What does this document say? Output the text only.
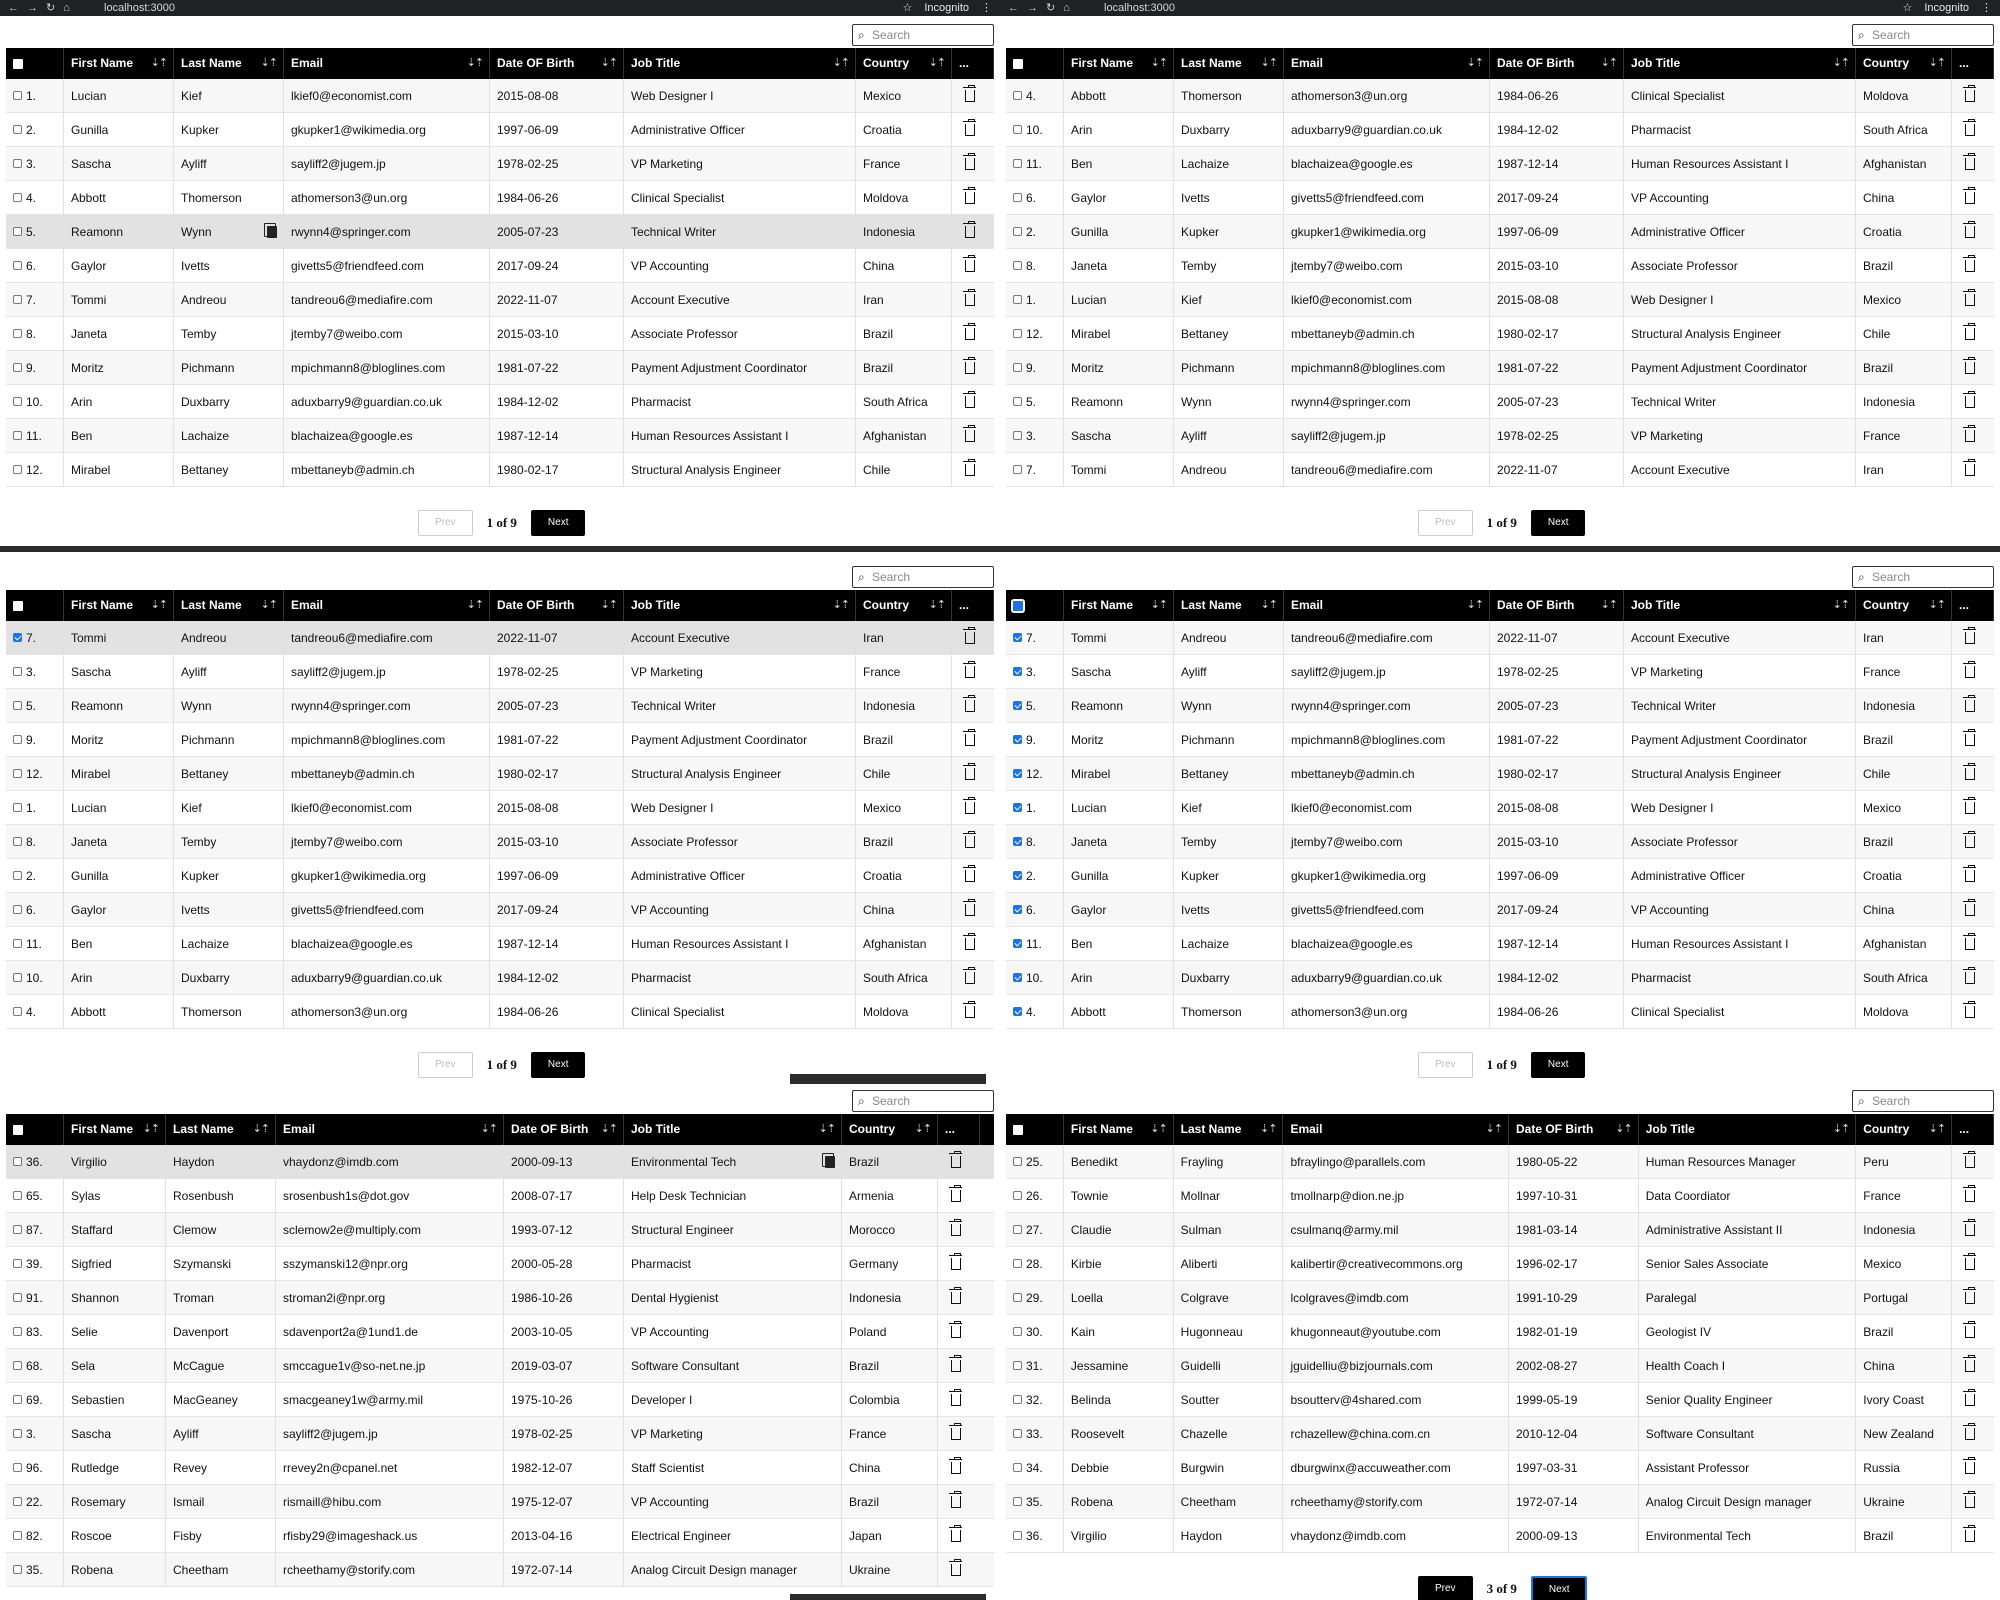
←→↻⌂ localhost:3000	☆ Incognito ⋮
⌕ Search
First Name ⇣⇡	Last Name ⇣⇡	Email	⇣⇡	Date OF Birth ⇣⇡	Job Title	⇣⇡	Country ⇣⇡	...
1.	Lucian	Kief	lkief0@economist.com	2015-08-08	Web Designer I	Mexico
2.	Gunilla	Kupker	gkupker1@wikimedia.org	1997-06-09	Administrative Officer	Croatia
3.	Sascha	Ayliff	sayliff2@jugem.jp	1978-02-25	VP Marketing	France
4.	Abbott	Thomerson	athomerson3@un.org	1984-06-26	Clinical Specialist	Moldova
5.	Reamonn	Wynn	rwynn4@springer.com	2005-07-23	Technical Writer	Indonesia
6.	Gaylor	Ivetts	givetts5@friendfeed.com	2017-09-24	VP Accounting	China
7.	Tommi	Andreou	tandreou6@mediafire.com	2022-11-07	Account Executive	Iran
8.	Janeta	Temby	jtemby7@weibo.com	2015-03-10	Associate Professor	Brazil
9.	Moritz	Pichmann	mpichmann8@bloglines.com	1981-07-22	Payment Adjustment Coordinator	Brazil
10.	Arin	Duxbarry	aduxbarry9@guardian.co.uk	1984-12-02	Pharmacist	South Africa
11.	Ben	Lachaize	blachaizea@google.es	1987-12-14	Human Resources Assistant I	Afghanistan
12.	Mirabel	Bettaney	mbettaneyb@admin.ch	1980-02-17	Structural Analysis Engineer	Chile
Prev	1 of 9	Next
←→↻⌂ localhost:3000	☆ Incognito ⋮
⌕ Search
First Name ⇣⇡	Last Name ⇣⇡	Email	⇣⇡	Date OF Birth ⇣⇡	Job Title	⇣⇡	Country ⇣⇡	...
4.	Abbott	Thomerson	athomerson3@un.org	1984-06-26	Clinical Specialist	Moldova
10.	Arin	Duxbarry	aduxbarry9@guardian.co.uk	1984-12-02	Pharmacist	South Africa
11.	Ben	Lachaize	blachaizea@google.es	1987-12-14	Human Resources Assistant I	Afghanistan
6.	Gaylor	Ivetts	givetts5@friendfeed.com	2017-09-24	VP Accounting	China
2.	Gunilla	Kupker	gkupker1@wikimedia.org	1997-06-09	Administrative Officer	Croatia
8.	Janeta	Temby	jtemby7@weibo.com	2015-03-10	Associate Professor	Brazil
1.	Lucian	Kief	lkief0@economist.com	2015-08-08	Web Designer I	Mexico
12.	Mirabel	Bettaney	mbettaneyb@admin.ch	1980-02-17	Structural Analysis Engineer	Chile
9.	Moritz	Pichmann	mpichmann8@bloglines.com	1981-07-22	Payment Adjustment Coordinator	Brazil
5.	Reamonn	Wynn	rwynn4@springer.com	2005-07-23	Technical Writer	Indonesia
3.	Sascha	Ayliff	sayliff2@jugem.jp	1978-02-25	VP Marketing	France
7.	Tommi	Andreou	tandreou6@mediafire.com	2022-11-07	Account Executive	Iran
Prev	1 of 9	Next
⌕ Search
First Name ⇣⇡	Last Name ⇣⇡	Email	⇣⇡	Date OF Birth ⇣⇡	Job Title	⇣⇡	Country ⇣⇡	...
7.	Tommi	Andreou	tandreou6@mediafire.com	2022-11-07	Account Executive	Iran
3.	Sascha	Ayliff	sayliff2@jugem.jp	1978-02-25	VP Marketing	France
5.	Reamonn	Wynn	rwynn4@springer.com	2005-07-23	Technical Writer	Indonesia
9.	Moritz	Pichmann	mpichmann8@bloglines.com	1981-07-22	Payment Adjustment Coordinator	Brazil
12.	Mirabel	Bettaney	mbettaneyb@admin.ch	1980-02-17	Structural Analysis Engineer	Chile
1.	Lucian	Kief	lkief0@economist.com	2015-08-08	Web Designer I	Mexico
8.	Janeta	Temby	jtemby7@weibo.com	2015-03-10	Associate Professor	Brazil
2.	Gunilla	Kupker	gkupker1@wikimedia.org	1997-06-09	Administrative Officer	Croatia
6.	Gaylor	Ivetts	givetts5@friendfeed.com	2017-09-24	VP Accounting	China
11.	Ben	Lachaize	blachaizea@google.es	1987-12-14	Human Resources Assistant I	Afghanistan
10.	Arin	Duxbarry	aduxbarry9@guardian.co.uk	1984-12-02	Pharmacist	South Africa
4.	Abbott	Thomerson	athomerson3@un.org	1984-06-26	Clinical Specialist	Moldova
Prev	1 of 9	Next
⌕ Search
First Name ⇣⇡	Last Name ⇣⇡	Email	⇣⇡	Date OF Birth ⇣⇡	Job Title	⇣⇡	Country ⇣⇡	...
7.	Tommi	Andreou	tandreou6@mediafire.com	2022-11-07	Account Executive	Iran
3.	Sascha	Ayliff	sayliff2@jugem.jp	1978-02-25	VP Marketing	France
5.	Reamonn	Wynn	rwynn4@springer.com	2005-07-23	Technical Writer	Indonesia
9.	Moritz	Pichmann	mpichmann8@bloglines.com	1981-07-22	Payment Adjustment Coordinator	Brazil
12.	Mirabel	Bettaney	mbettaneyb@admin.ch	1980-02-17	Structural Analysis Engineer	Chile
1.	Lucian	Kief	lkief0@economist.com	2015-08-08	Web Designer I	Mexico
8.	Janeta	Temby	jtemby7@weibo.com	2015-03-10	Associate Professor	Brazil
2.	Gunilla	Kupker	gkupker1@wikimedia.org	1997-06-09	Administrative Officer	Croatia
6.	Gaylor	Ivetts	givetts5@friendfeed.com	2017-09-24	VP Accounting	China
11.	Ben	Lachaize	blachaizea@google.es	1987-12-14	Human Resources Assistant I	Afghanistan
10.	Arin	Duxbarry	aduxbarry9@guardian.co.uk	1984-12-02	Pharmacist	South Africa
4.	Abbott	Thomerson	athomerson3@un.org	1984-06-26	Clinical Specialist	Moldova
Prev	1 of 9	Next
⌕ Search
First Name ⇣⇡	Last Name ⇣⇡	Email	⇣⇡	Date OF Birth ⇣⇡	Job Title	⇣⇡	Country ⇣⇡	...
36.	Virgilio	Haydon	vhaydonz@imdb.com	2000-09-13	Environmental Tech	Brazil
65.	Sylas	Rosenbush	srosenbush1s@dot.gov	2008-07-17	Help Desk Technician	Armenia
87.	Staffard	Clemow	sclemow2e@multiply.com	1993-07-12	Structural Engineer	Morocco
39.	Sigfried	Szymanski	sszymanski12@npr.org	2000-05-28	Pharmacist	Germany
91.	Shannon	Troman	stroman2i@npr.org	1986-10-26	Dental Hygienist	Indonesia
83.	Selie	Davenport	sdavenport2a@1und1.de	2003-10-05	VP Accounting	Poland
68.	Sela	McCague	smccague1v@so-net.ne.jp	2019-03-07	Software Consultant	Brazil
69.	Sebastien	MacGeaney	smacgeaney1w@army.mil	1975-10-26	Developer I	Colombia
3.	Sascha	Ayliff	sayliff2@jugem.jp	1978-02-25	VP Marketing	France
96.	Rutledge	Revey	rrevey2n@cpanel.net	1982-12-07	Staff Scientist	China
22.	Rosemary	Ismail	rismaill@hibu.com	1975-12-07	VP Accounting	Brazil
82.	Roscoe	Fisby	rfisby29@imageshack.us	2013-04-16	Electrical Engineer	Japan
35.	Robena	Cheetham	rcheethamy@storify.com	1972-07-14	Analog Circuit Design manager	Ukraine
⌕ Search
First Name ⇣⇡	Last Name ⇣⇡	Email	⇣⇡	Date OF Birth ⇣⇡	Job Title	⇣⇡	Country ⇣⇡	...
25.	Benedikt	Frayling	bfraylingo@parallels.com	1980-05-22	Human Resources Manager	Peru
26.	Townie	Mollnar	tmollnarp@dion.ne.jp	1997-10-31	Data Coordiator	France
27.	Claudie	Sulman	csulmanq@army.mil	1981-03-14	Administrative Assistant II	Indonesia
28.	Kirbie	Aliberti	kalibertir@creativecommons.org	1996-02-17	Senior Sales Associate	Mexico
29.	Loella	Colgrave	lcolgraves@imdb.com	1991-10-29	Paralegal	Portugal
30.	Kain	Hugonneau	khugonneaut@youtube.com	1982-01-19	Geologist IV	Brazil
31.	Jessamine	Guidelli	jguidelliu@bizjournals.com	2002-08-27	Health Coach I	China
32.	Belinda	Soutter	bsoutterv@4shared.com	1999-05-19	Senior Quality Engineer	Ivory Coast
33.	Roosevelt	Chazelle	rchazellew@china.com.cn	2010-12-04	Software Consultant	New Zealand
34.	Debbie	Burgwin	dburgwinx@accuweather.com	1997-03-31	Assistant Professor	Russia
35.	Robena	Cheetham	rcheethamy@storify.com	1972-07-14	Analog Circuit Design manager	Ukraine
36.	Virgilio	Haydon	vhaydonz@imdb.com	2000-09-13	Environmental Tech	Brazil
Prev	3 of 9	Next
